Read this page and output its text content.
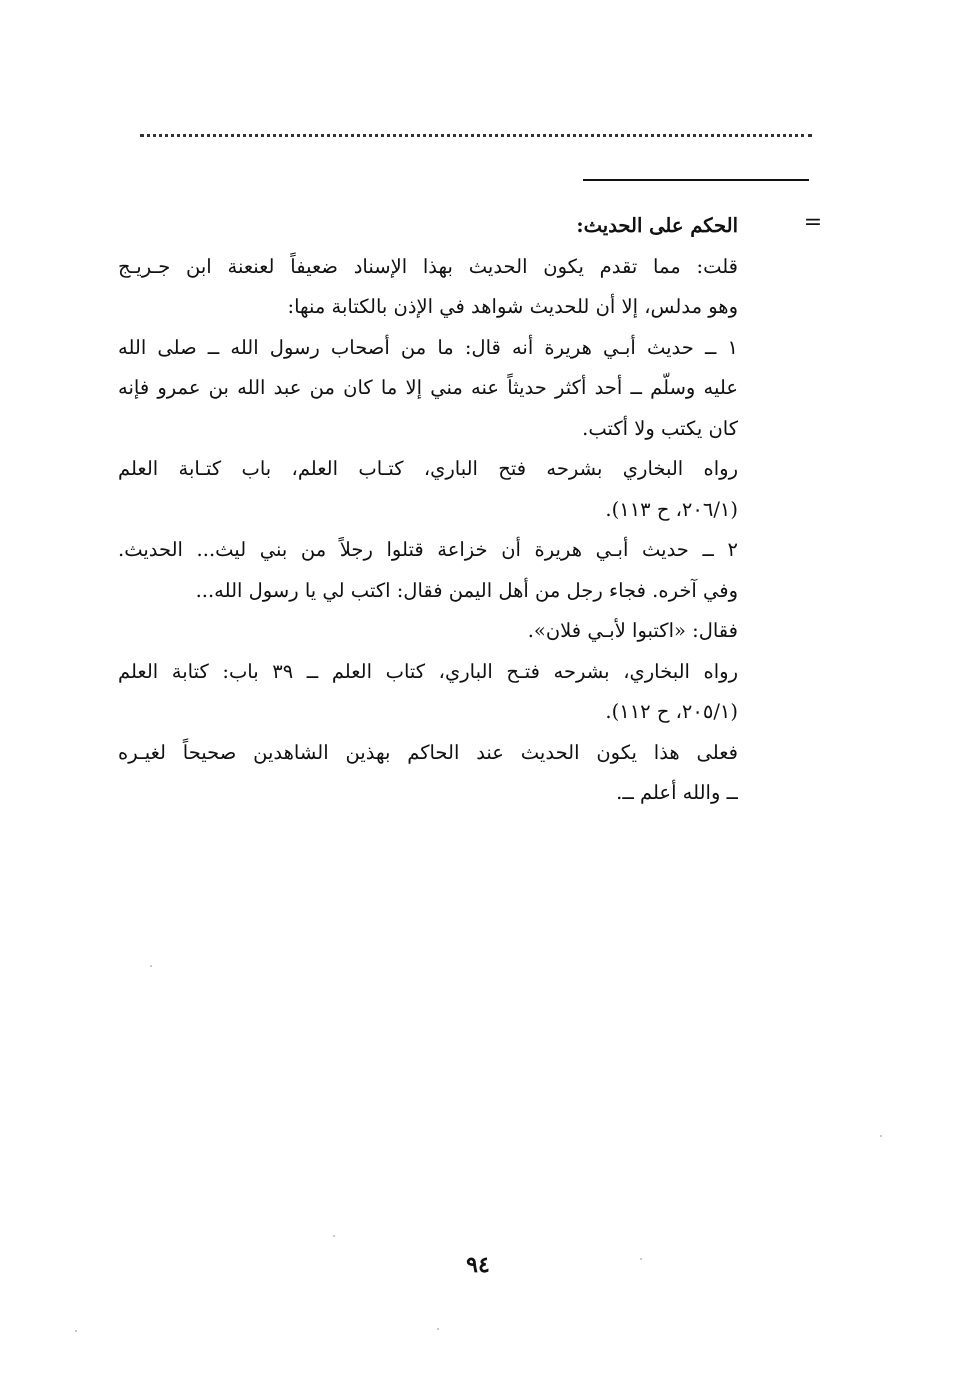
=
الحكم على الحديث:
قلت: مما تقدم يكون الحديث بهذا الإسناد ضعيفاً لعنعنة ابن جـريـج
وهو مدلس، إلا أن للحديث شواهد في الإذن بالكتابة منها:
١ ــ حديث أبـي هريرة أنه قال: ما من أصحاب رسول الله ــ صلى الله
عليه وسلّم ــ أحد أكثر حديثاً عنه مني إلا ما كان من عبد الله بن عمرو فإنه
كان يكتب ولا أكتب.
رواه البخاري بشرحه فتح الباري، كتـاب العلم، باب كتـابة العلم
(٢٠٦/١، ح ١١٣).
٢ ــ حديث أبـي هريرة أن خزاعة قتلوا رجلاً من بني ليث... الحديث.
وفي آخره. فجاء رجل من أهل اليمن فقال: اكتب لي يا رسول الله...
فقال: «اكتبوا لأبـي فلان».
رواه البخاري، بشرحه فتـح الباري، كتاب العلم ــ ٣٩ باب: كتابة العلم
(٢٠٥/١، ح ١١٢).
فعلى هذا يكون الحديث عند الحاكم بهذين الشاهدين صحيحاً لغيـره
ــ والله أعلم ــ.
٩٤
